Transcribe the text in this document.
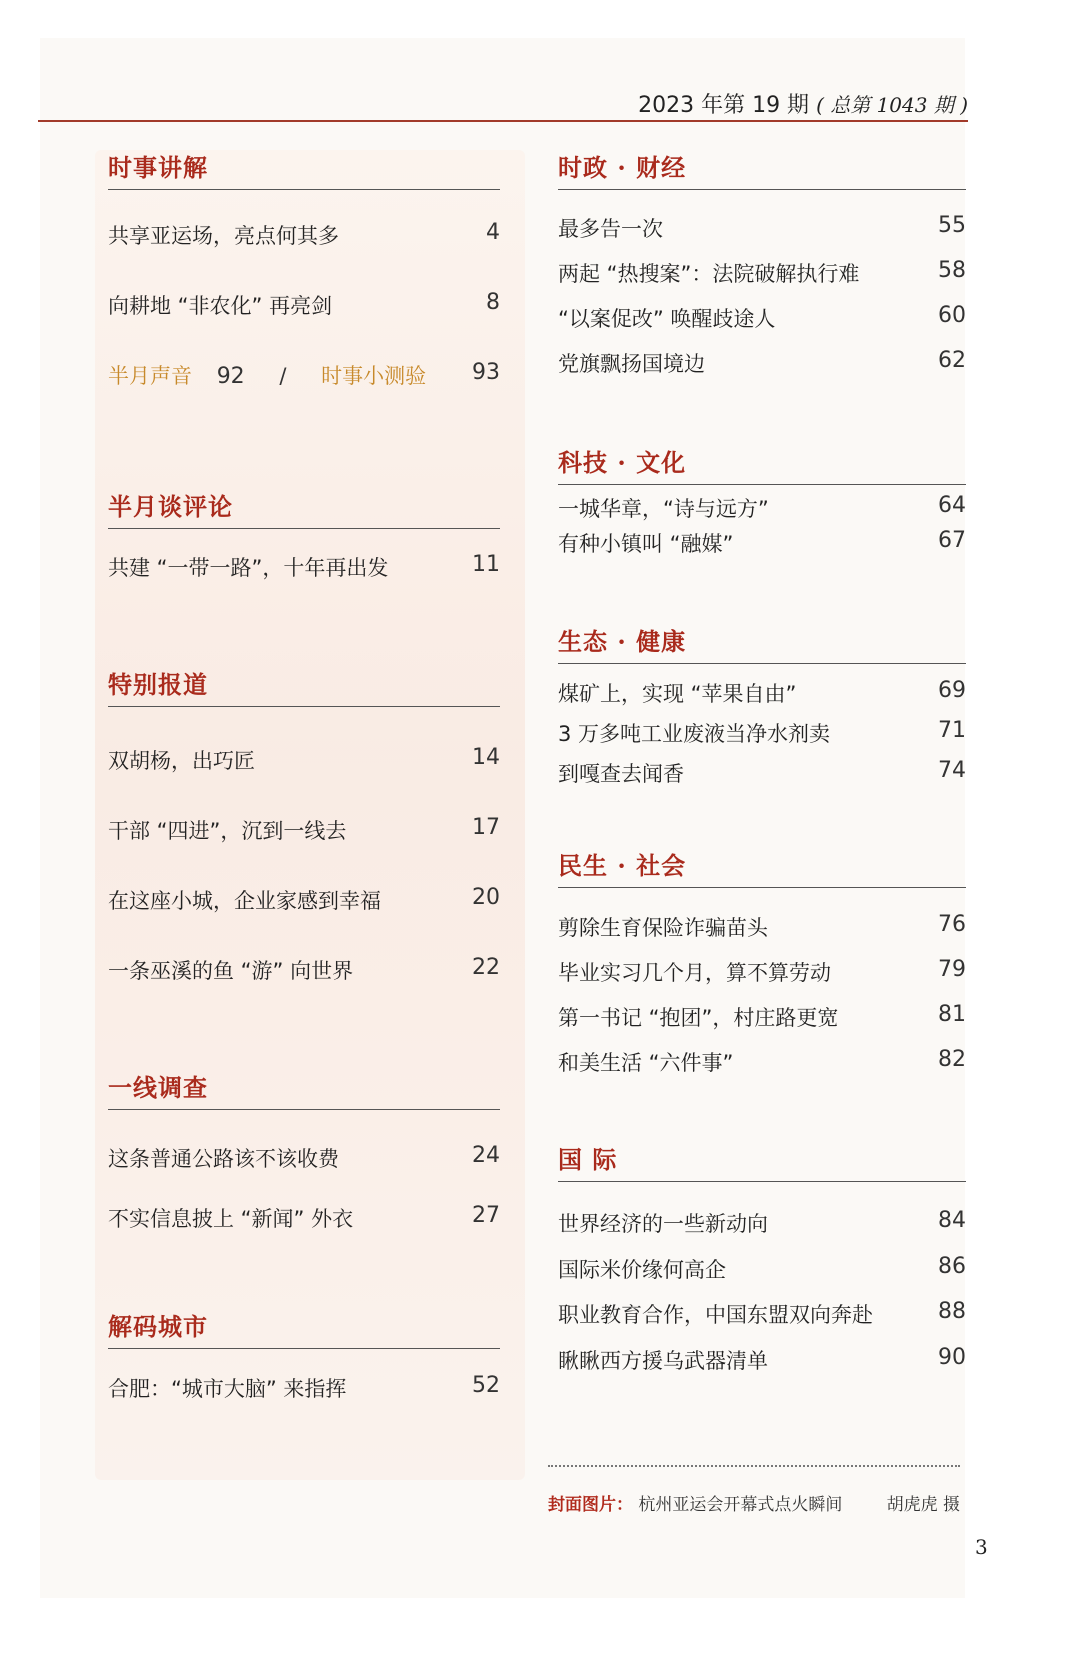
2023 年第 19 期 ( 总第 1043 期 )
时事讲解
共享亚运场，亮点何其多	4
向耕地 “非农化” 再亮剑	8
半月声音 92 / 时事小测验 93
半月谈评论
共建 “一带一路”，十年再出发	11
特别报道
双胡杨，出巧匠	14
干部 “四进”，沉到一线去	17
在这座小城，企业家感到幸福	20
一条巫溪的鱼 “游” 向世界	22
一线调查
这条普通公路该不该收费	24
不实信息披上 “新闻” 外衣	27
解码城市
合肥：“城市大脑” 来指挥	52
时政 · 财经
最多告一次	55
两起 “热搜案”：法院破解执行难	58
“以案促改” 唤醒歧途人	60
党旗飘扬国境边	62
科技 · 文化
一城华章，“诗与远方”	64
有种小镇叫 “融媒”	67
生态 · 健康
煤矿上，实现 “苹果自由”	69
3 万多吨工业废液当净水剂卖	71
到嘎查去闻香	74
民生 · 社会
剪除生育保险诈骗苗头	76
毕业实习几个月，算不算劳动	79
第一书记 “抱团”，村庄路更宽	81
和美生活 “六件事”	82
国 际
世界经济的一些新动向	84
国际米价缘何高企	86
职业教育合作，中国东盟双向奔赴	88
瞅瞅西方援乌武器清单	90
封面图片： 杭州亚运会开幕式点火瞬间	胡虎虎 摄
3
